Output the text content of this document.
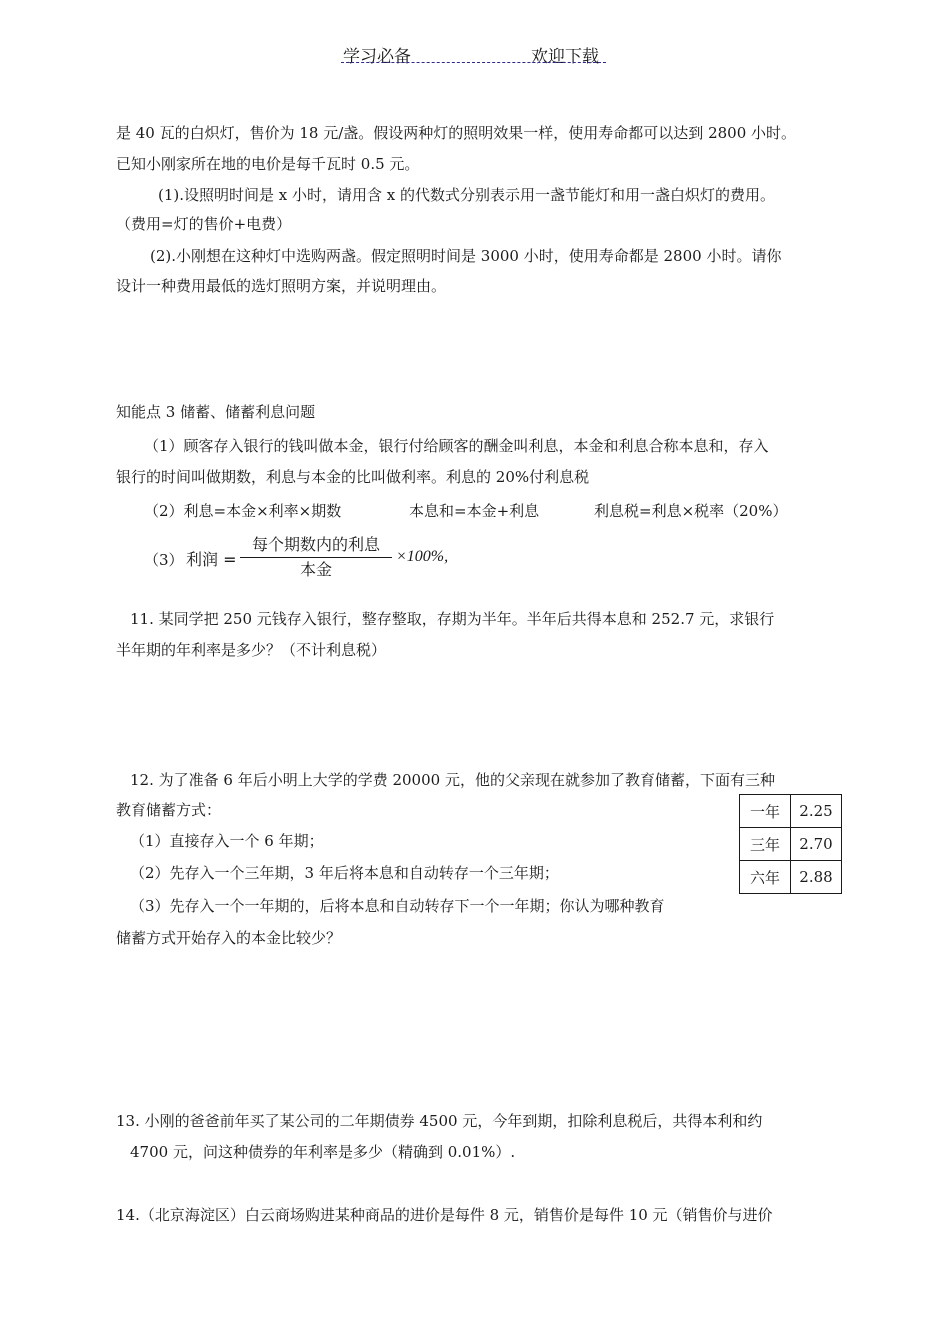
学习必备	欢迎下载
是 40 瓦的白炽灯，售价为 18 元/盏。假设两种灯的照明效果一样，使用寿命都可以达到 2800 小时。
已知小刚家所在地的电价是每千瓦时 0.5 元。
(1).设照明时间是 x 小时，请用含 x 的代数式分别表示用一盏节能灯和用一盏白炽灯的费用。
（费用=灯的售价+电费）
(2).小刚想在这种灯中选购两盏。假定照明时间是 3000 小时，使用寿命都是 2800 小时。请你
设计一种费用最低的选灯照明方案，并说明理由。
知能点 3 储蓄、储蓄利息问题
（1）顾客存入银行的钱叫做本金，银行付给顾客的酬金叫利息，本金和利息合称本息和，存入
银行的时间叫做期数，利息与本金的比叫做利率。利息的 20%付利息税
（2）利息=本金×利率×期数	本息和=本金+利息	利息税=利息×税率（20%）
（3） 利润 =
每个期数内的利息
本金
×100%,
11. 某同学把 250 元钱存入银行，整存整取，存期为半年。半年后共得本息和 252.7 元，求银行
半年期的年利率是多少？（不计利息税）
12. 为了准备 6 年后小明上大学的学费 20000 元，他的父亲现在就参加了教育储蓄，下面有三种
教育储蓄方式：
（1）直接存入一个 6 年期；
（2）先存入一个三年期，3 年后将本息和自动转存一个三年期；
（3）先存入一个一年期的，后将本息和自动转存下一个一年期；你认为哪种教育
储蓄方式开始存入的本金比较少？
一年	2.25
三年	2.70
六年	2.88
13. 小刚的爸爸前年买了某公司的二年期债券 4500 元，今年到期，扣除利息税后，共得本利和约
4700 元，问这种债券的年利率是多少（精确到 0.01%）.
14.（北京海淀区）白云商场购进某种商品的进价是每件 8 元，销售价是每件 10 元（销售价与进价
